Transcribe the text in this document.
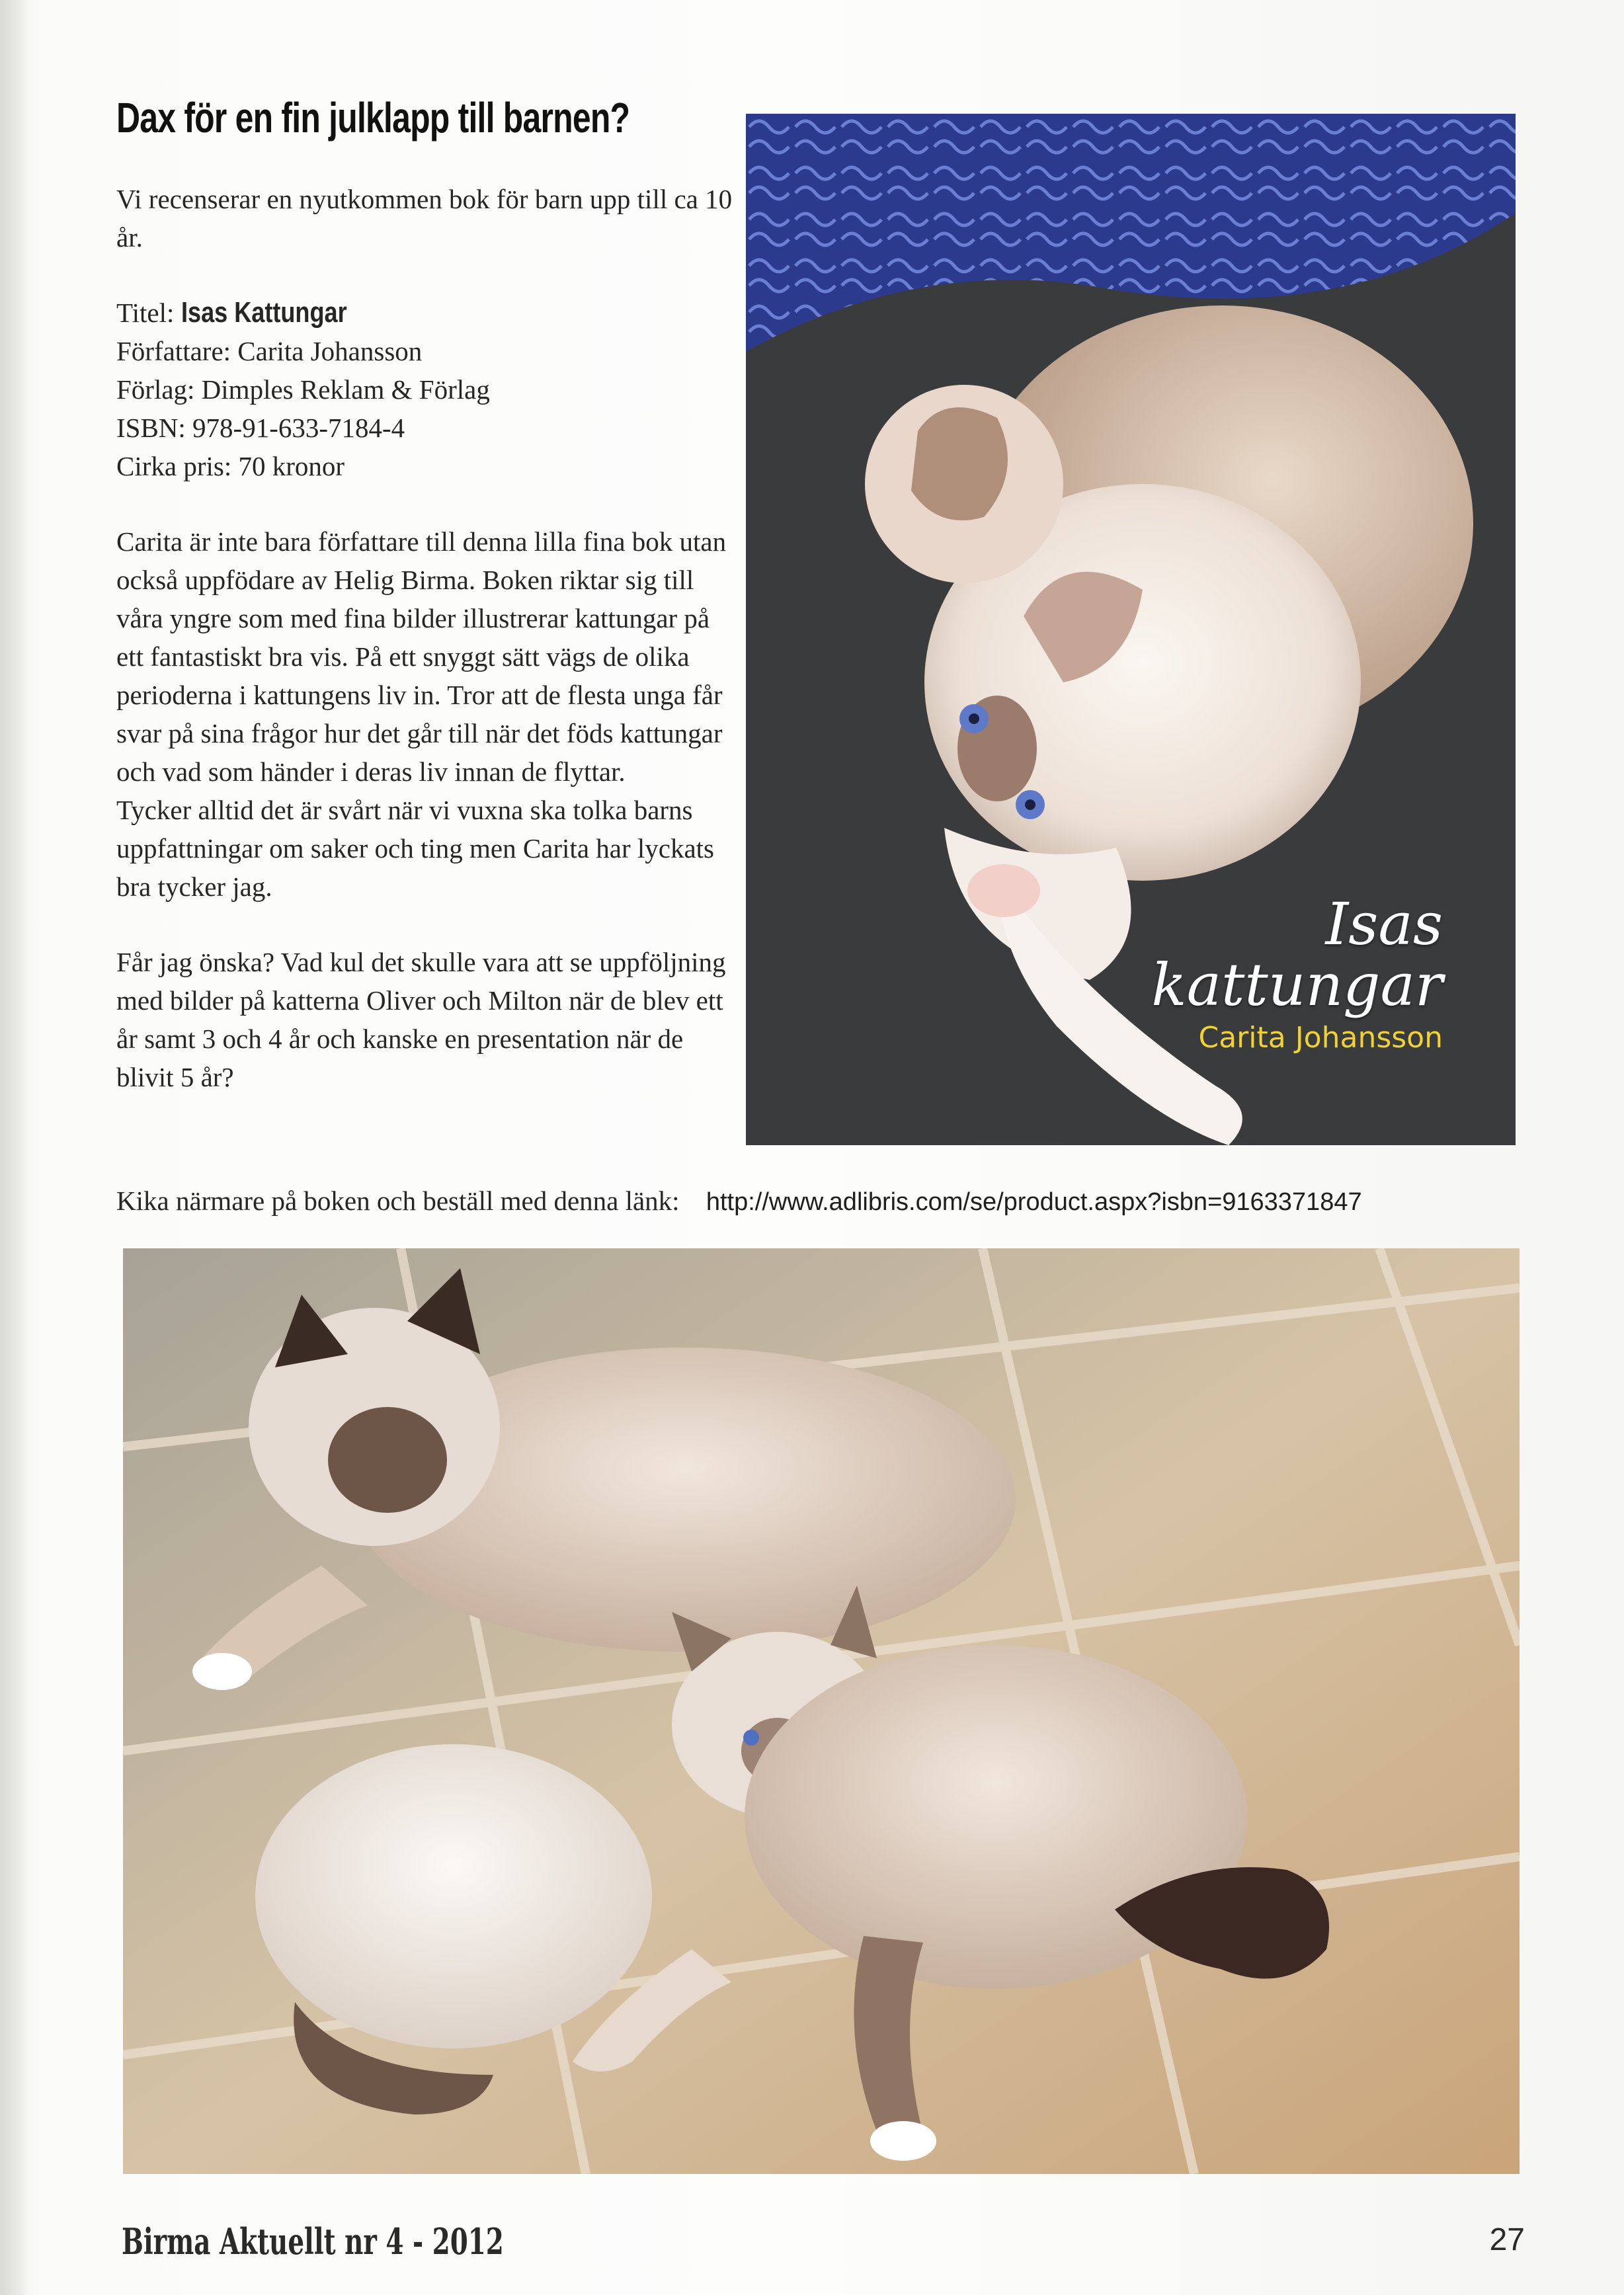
Dax för en fin julklapp till barnen?

Vi recenserar en nyutkommen bok för barn upp till ca 10 år.

Titel: Isas Kattungar
Författare: Carita Johansson
Förlag: Dimples Reklam & Förlag
ISBN: 978-91-633-7184-4
Cirka pris: 70 kronor

Carita är inte bara författare till denna lilla fina bok utan också uppfödare av Helig Birma. Boken riktar sig till våra yngre som med fina bilder illustrerar kattungar på ett fantastiskt bra vis. På ett snyggt sätt vägs de olika perioderna i kattungens liv in. Tror att de flesta unga får svar på sina frågor hur det går till när det föds kattungar och vad som händer i deras liv innan de flyttar.

Tycker alltid det är svårt när vi vuxna ska tolka barns uppfattningar om saker och ting men Carita har lyckats bra tycker jag.

Får jag önska? Vad kul det skulle vara att se uppföljning med bilder på katterna Oliver och Milton när de blev ett år samt 3 och 4 år och kanske en presentation när de blivit 5 år?

Kika närmare på boken och beställ med denna länk: http://www.adlibris.com/se/product.aspx?isbn=9163371847
Isas
kattungar
Carita Johansson
Birma Aktuellt nr 4 - 2012	27
